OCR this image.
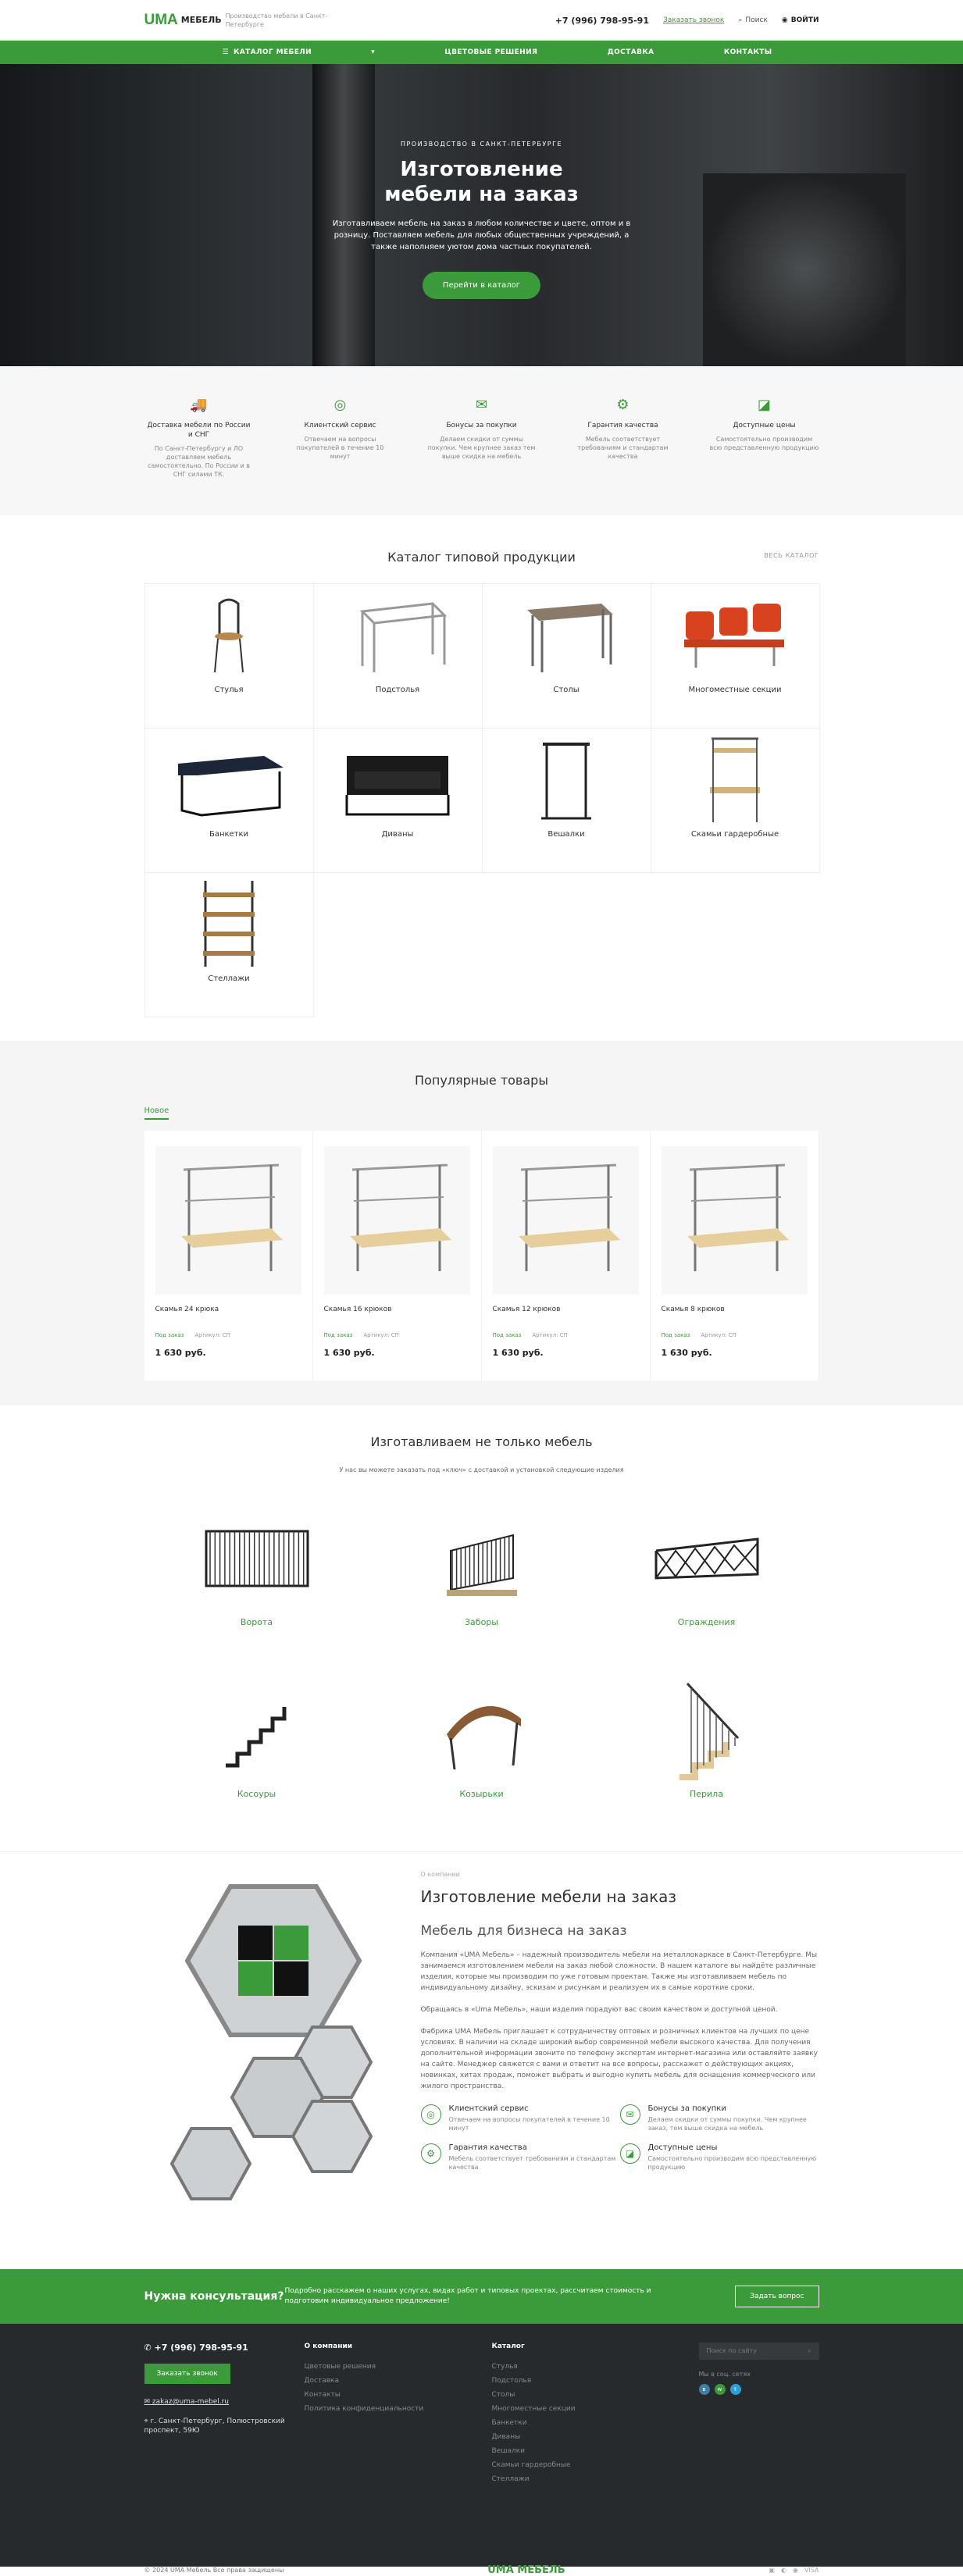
UMA МЕБЕЛЬ Производство мебели в Санкт-Петербурге	+7 (996) 798-95-91 Заказать звонок ⌕ Поиск ◉ ВОЙТИ
☰ КАТАЛОГ МЕБЕЛИ	▾	ЦВЕТОВЫЕ РЕШЕНИЯ	ДОСТАВКА	КОНТАКТЫ
ПРОИЗВОДСТВО В САНКТ-ПЕТЕРБУРГЕ
Изготовление мебели на заказ

Изготавливаем мебель на заказ в любом количестве и цвете, оптом и в розницу. Поставляем мебель для любых общественных учреждений, а также наполняем уютом дома частных покупателей.

Перейти в каталог
🚚
Доставка мебели по России и СНГ
По Санкт-Петербургу и ЛО доставляем мебель самостоятельно. По России и в СНГ силами ТК.
◎
Клиентский сервис
Отвечаем на вопросы покупателей в течение 10 минут
✉
Бонусы за покупки
Делаем скидки от суммы покупки. Чем крупнее заказ тем выше скидка на мебель
⚙
Гарантия качества
Мебель соответствует требованиям и стандартам качества
◪
Доступные цены
Самостоятельно производим всю представленную продукцию
Каталог типовой продукции	ВЕСЬ КАТАЛОГ
Стулья	Подстолья	Столы	Многоместные секции
Банкетки	Диваны	Вешалки	Скамьи гардеробные
Стеллажи
Популярные товары
Новое
Скамья 24 крюка
Под заказ Артикул: СП
1 630 руб.
Скамья 16 крюков
Под заказ Артикул: СП
1 630 руб.
Скамья 12 крюков
Под заказ Артикул: СП
1 630 руб.
Скамья 8 крюков
Под заказ Артикул: СП
1 630 руб.
Изготавливаем не только мебель
У нас вы можете заказать под «ключ» с доставкой и установкой следующие изделия
Ворота	Заборы	Ограждения
Косоуры	Козырьки	Перила
О компании
Изготовление мебели на заказ
Мебель для бизнеса на заказ

Компания «UMA Мебель» – надежный производитель мебели на металлокаркасе в Санкт-Петербурге. Мы занимаемся изготовлением мебели на заказ любой сложности. В нашем каталоге вы найдёте различные изделия, которые мы производим по уже готовым проектам. Также мы изготавливаем мебель по индивидуальному дизайну, эскизам и рисункам и реализуем их в самые короткие сроки.

Обращаясь в «Uma Мебель», наши изделия порадуют вас своим качеством и доступной ценой.

Фабрика UMA Мебель приглашает к сотрудничеству оптовых и розничных клиентов на лучших по цене условиях. В наличии на складе широкий выбор современной мебели высокого качества. Для получения дополнительной информации звоните по телефону экспертам интернет-магазина или оставляйте заявку на сайте. Менеджер свяжется с вами и ответит на все вопросы, расскажет о действующих акциях, новинках, хитах продаж, поможет выбрать и выгодно купить мебель для оснащения коммерческого или жилого пространства.

◎
Клиентский сервис
Отвечаем на вопросы покупателей в течение 10 минут
✉
Бонусы за покупки
Делаем скидки от суммы покупки. Чем крупнее заказ, тем выше скидка на мебель
⚙
Гарантия качества
Мебель соответствует требованиям и стандартам качества
◪
Доступные цены
Самостоятельно производим всю представленную продукцию
Нужна консультация? Подробно расскажем о наших услугах, видах работ и типовых проектах, рассчитаем стоимость и подготовим индивидуальное предложение!
Задать вопрос
✆ +7 (996) 798-95-91
Заказать звонок
✉ zakaz@uma-mebel.ru
⌖ г. Санкт-Петербург, Полюстровский проспект, 59Ю
О компании
Цветовые решения
Доставка
Контакты
Политика конфиденциальности
Каталог
Стулья
Подстолья
Столы
Многоместные секции
Банкетки
Диваны
Вешалки
Скамьи гардеробные
Стеллажи
Поиск по сайту	⌕
Мы в соц. сетях
в	w	t
© 2024 UMA Мебель Все права защищены	UMA МЕБЕЛЬ	▣ ◐ ◉ VISA
